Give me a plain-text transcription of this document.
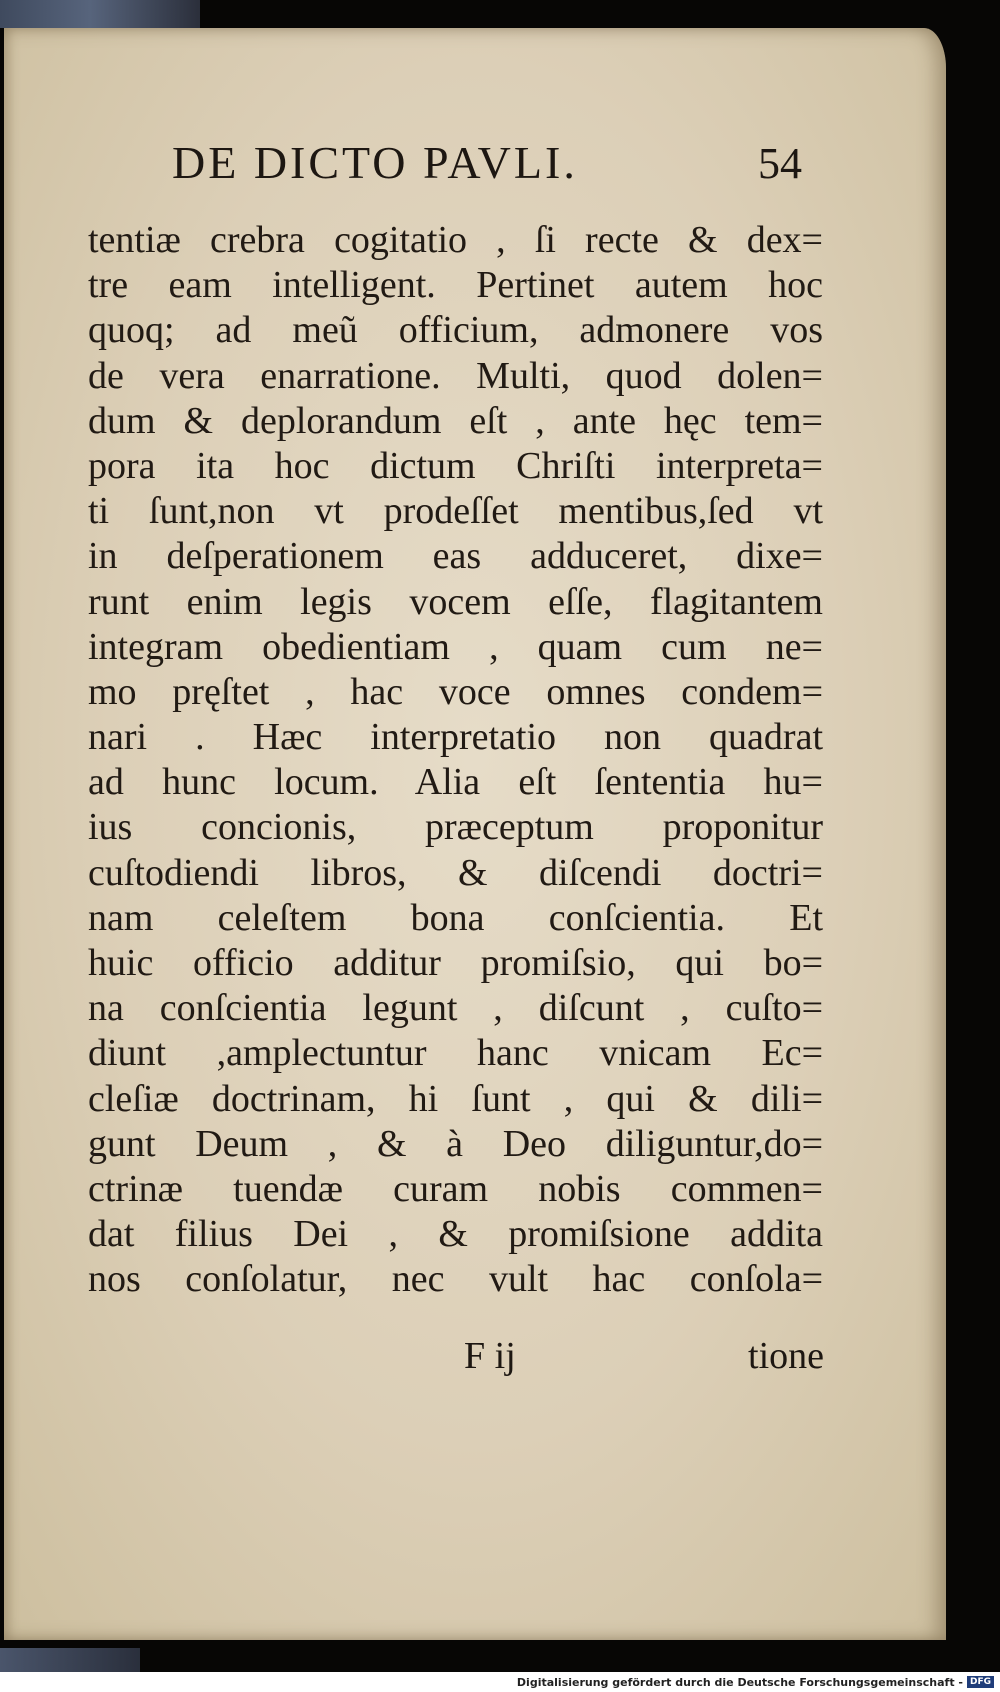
DE DICTO PAVLI.	54
tentiæ crebra cogitatio , ſi recte & dex=
tre eam intelligent. Pertinet autem hoc
quoq; ad meũ officium, admonere vos
de vera enarratione. Multi, quod dolen=
dum & deplorandum eſt , ante hęc tem=
pora ita hoc dictum Chriſti interpreta=
ti ſunt,non vt prodeſſet mentibus,ſed vt
in deſperationem eas adduceret, dixe=
runt enim legis vocem eſſe, flagitantem
integram obedientiam , quam cum ne=
mo pręſtet , hac voce omnes condem=
nari . Hæc interpretatio non quadrat
ad hunc locum. Alia eſt ſententia hu=
ius concionis, præceptum proponitur
cuſtodiendi libros, & diſcendi doctri=
nam celeſtem bona conſcientia. Et
huic officio additur promiſsio, qui bo=
na conſcientia legunt , diſcunt , cuſto=
diunt ,amplectuntur hanc vnicam Ec=
cleſiæ doctrinam, hi ſunt , qui & dili=
gunt Deum , & à Deo diliguntur,do=
ctrinæ tuendæ curam nobis commen=
dat filius Dei , & promiſsione addita
nos conſolatur, nec vult hac conſola=
F ij	tione
Digitalisierung gefördert durch die Deutsche Forschungsgemeinschaft - DFG
